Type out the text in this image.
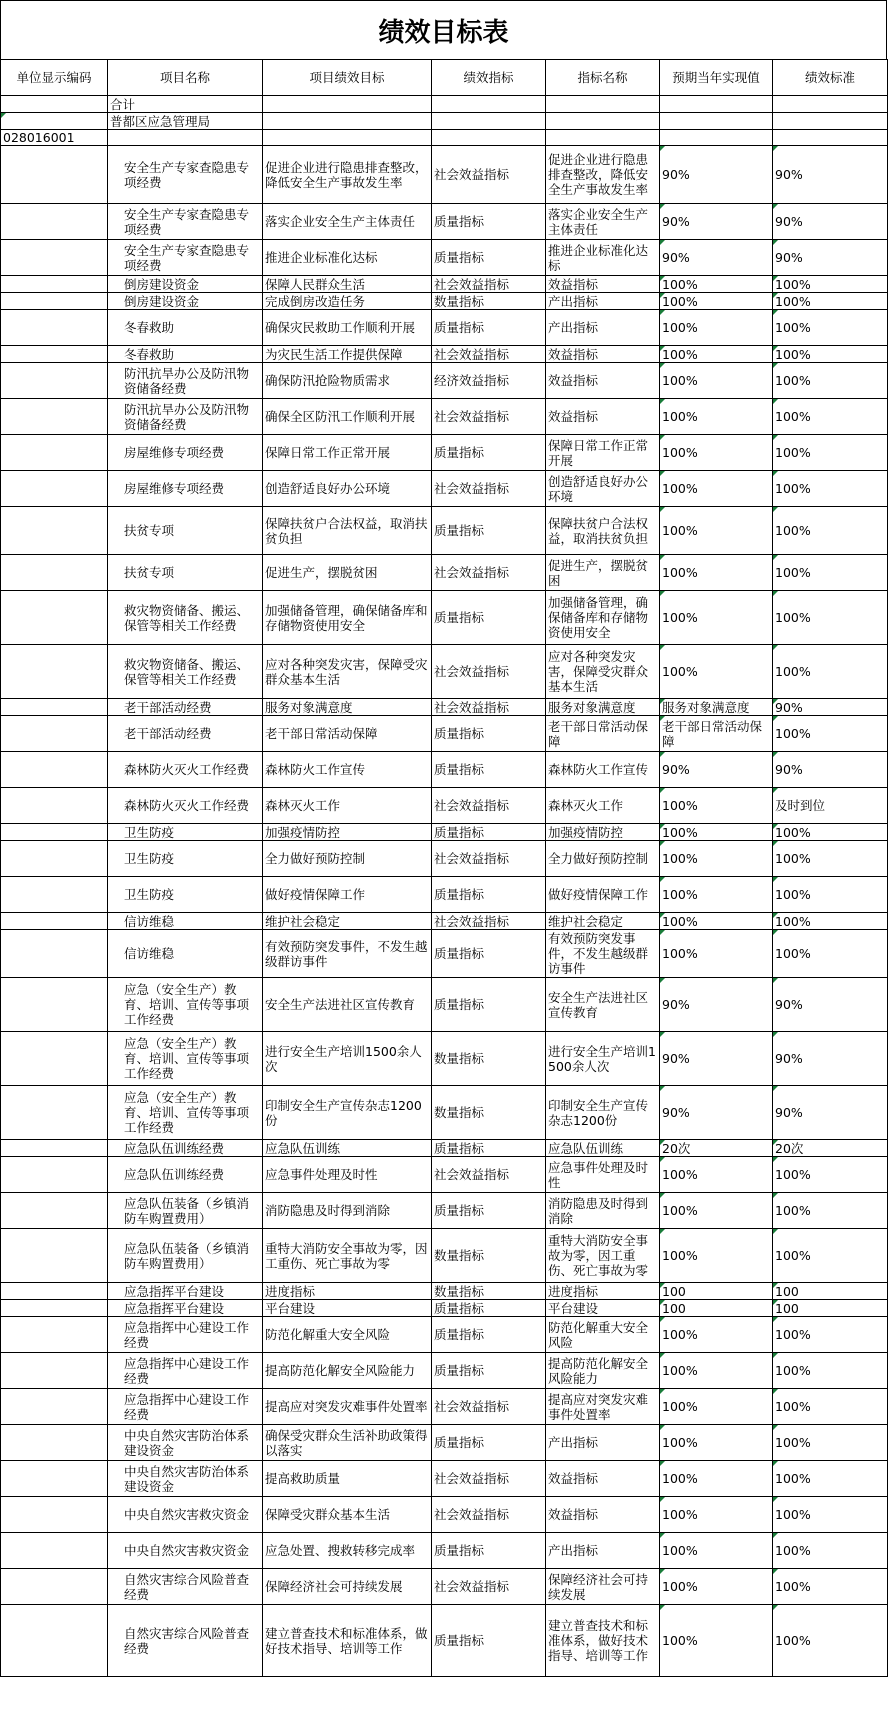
绩效目标表
单位显示编码	项目名称	项目绩效目标	绩效指标	指标名称	预期当年实现值	绩效标准
	合计					
	普都区应急管理局					
028016001						
	安全生产专家查隐患专项经费	促进企业进行隐患排查整改，降低安全生产事故发生率	社会效益指标	促进企业进行隐患排查整改，降低安全生产事故发生率	90%	90%
	安全生产专家查隐患专项经费	落实企业安全生产主体责任	质量指标	落实企业安全生产主体责任	90%	90%
	安全生产专家查隐患专项经费	推进企业标准化达标	质量指标	推进企业标准化达标	90%	90%
	倒房建设资金	保障人民群众生活	社会效益指标	效益指标	100%	100%
	倒房建设资金	完成倒房改造任务	数量指标	产出指标	100%	100%
	冬春救助	确保灾民救助工作顺利开展	质量指标	产出指标	100%	100%
	冬春救助	为灾民生活工作提供保障	社会效益指标	效益指标	100%	100%
	防汛抗旱办公及防汛物资储备经费	确保防汛抢险物质需求	经济效益指标	效益指标	100%	100%
	防汛抗旱办公及防汛物资储备经费	确保全区防汛工作顺利开展	社会效益指标	效益指标	100%	100%
	房屋维修专项经费	保障日常工作正常开展	质量指标	保障日常工作正常开展	100%	100%
	房屋维修专项经费	创造舒适良好办公环境	社会效益指标	创造舒适良好办公环境	100%	100%
	扶贫专项	保障扶贫户合法权益，取消扶贫负担	质量指标	保障扶贫户合法权益，取消扶贫负担	100%	100%
	扶贫专项	促进生产，摆脱贫困	社会效益指标	促进生产，摆脱贫困	100%	100%
	救灾物资储备、搬运、保管等相关工作经费	加强储备管理，确保储备库和存储物资使用安全	质量指标	加强储备管理，确保储备库和存储物资使用安全	100%	100%
	救灾物资储备、搬运、保管等相关工作经费	应对各种突发灾害，保障受灾群众基本生活	社会效益指标	应对各种突发灾害，保障受灾群众基本生活	100%	100%
	老干部活动经费	服务对象满意度	社会效益指标	服务对象满意度	服务对象满意度	90%
	老干部活动经费	老干部日常活动保障	质量指标	老干部日常活动保障	老干部日常活动保障	100%
	森林防火灭火工作经费	森林防火工作宣传	质量指标	森林防火工作宣传	90%	90%
	森林防火灭火工作经费	森林灭火工作	社会效益指标	森林灭火工作	100%	及时到位
	卫生防疫	加强疫情防控	质量指标	加强疫情防控	100%	100%
	卫生防疫	全力做好预防控制	社会效益指标	全力做好预防控制	100%	100%
	卫生防疫	做好疫情保障工作	质量指标	做好疫情保障工作	100%	100%
	信访维稳	维护社会稳定	社会效益指标	维护社会稳定	100%	100%
	信访维稳	有效预防突发事件，不发生越级群访事件	质量指标	有效预防突发事件，不发生越级群访事件	100%	100%
	应急（安全生产）教育、培训、宣传等事项工作经费	安全生产法进社区宣传教育	质量指标	安全生产法进社区宣传教育	90%	90%
	应急（安全生产）教育、培训、宣传等事项工作经费	进行安全生产培训1500余人次	数量指标	进行安全生产培训1500余人次	90%	90%
	应急（安全生产）教育、培训、宣传等事项工作经费	印制安全生产宣传杂志1200份	数量指标	印制安全生产宣传杂志1200份	90%	90%
	应急队伍训练经费	应急队伍训练	质量指标	应急队伍训练	20次	20次
	应急队伍训练经费	应急事件处理及时性	社会效益指标	应急事件处理及时性	100%	100%
	应急队伍装备（乡镇消防车购置费用）	消防隐患及时得到消除	质量指标	消防隐患及时得到消除	100%	100%
	应急队伍装备（乡镇消防车购置费用）	重特大消防安全事故为零，因工重伤、死亡事故为零	数量指标	重特大消防安全事故为零，因工重伤、死亡事故为零	100%	100%
	应急指挥平台建设	进度指标	数量指标	进度指标	100	100
	应急指挥平台建设	平台建设	质量指标	平台建设	100	100
	应急指挥中心建设工作经费	防范化解重大安全风险	质量指标	防范化解重大安全风险	100%	100%
	应急指挥中心建设工作经费	提高防范化解安全风险能力	质量指标	提高防范化解安全风险能力	100%	100%
	应急指挥中心建设工作经费	提高应对突发灾难事件处置率	社会效益指标	提高应对突发灾难事件处置率	100%	100%
	中央自然灾害防治体系建设资金	确保受灾群众生活补助政策得以落实	质量指标	产出指标	100%	100%
	中央自然灾害防治体系建设资金	提高救助质量	社会效益指标	效益指标	100%	100%
	中央自然灾害救灾资金	保障受灾群众基本生活	社会效益指标	效益指标	100%	100%
	中央自然灾害救灾资金	应急处置、搜救转移完成率	质量指标	产出指标	100%	100%
	自然灾害综合风险普查经费	保障经济社会可持续发展	社会效益指标	保障经济社会可持续发展	100%	100%
	自然灾害综合风险普查经费	建立普查技术和标准体系，做好技术指导、培训等工作	质量指标	建立普查技术和标准体系，做好技术指导、培训等工作	100%	100%
